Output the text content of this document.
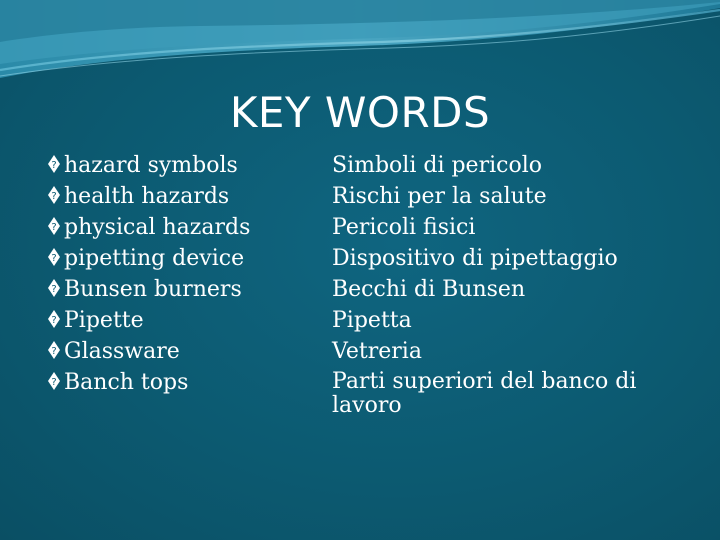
KEY WORDS
? hazard symbols
? health hazards
? physical hazards
? pipetting device
? Bunsen burners
? Pipette
? Glassware
? Banch tops
Simboli di pericolo
Rischi per la salute
Pericoli fisici
Dispositivo di pipettaggio
Becchi di Bunsen
Pipetta
Vetreria
Parti superiori del banco di lavoro
